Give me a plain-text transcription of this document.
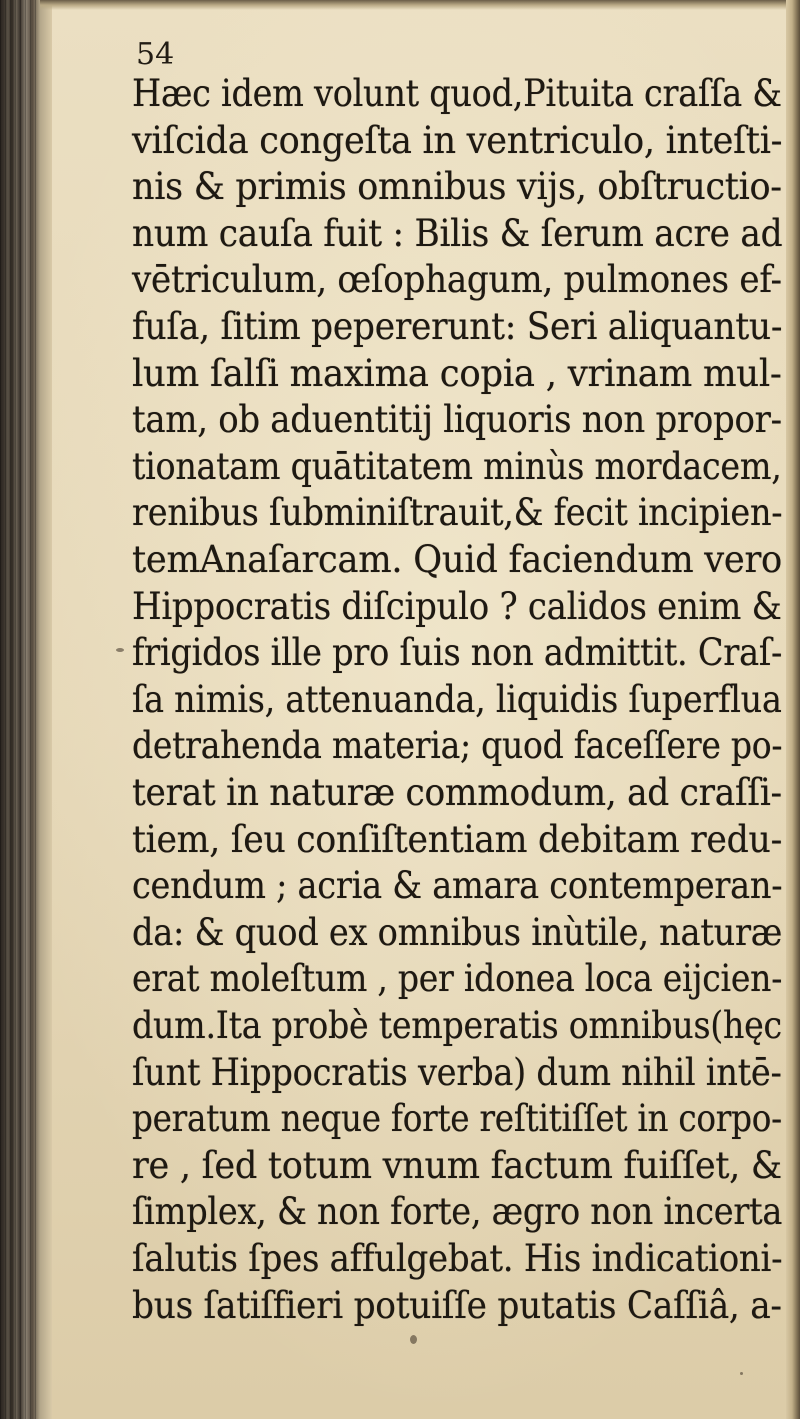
54
Hæc idem volunt quod,Pituita craſſa &
viſcida congeſta in ventriculo, inteſti-
nis & primis omnibus vijs, obſtructio-
num cauſa fuit : Bilis & ſerum acre ad
vētriculum, œſophagum, pulmones ef-
fuſa, ſitim pepererunt: Seri aliquantu-
lum ſalſi maxima copia , vrinam mul-
tam, ob aduentitij liquoris non propor-
tionatam quātitatem minùs mordacem,
renibus ſubminiſtrauit,& fecit incipien-
temAnaſarcam. Quid faciendum vero
Hippocratis diſcipulo ? calidos enim &
frigidos ille pro ſuis non admittit. Craſ-
ſa nimis, attenuanda, liquidis ſuperflua
detrahenda materia; quod faceſſere po-
terat in naturæ commodum, ad craſſi-
tiem, ſeu conſiſtentiam debitam redu-
cendum ; acria & amara contemperan-
da: & quod ex omnibus inùtile, naturæ
erat moleſtum , per idonea loca eijcien-
dum.Ita probè temperatis omnibus(hęc
ſunt Hippocratis verba) dum nihil intē-
peratum neque forte reſtitiſſet in corpo-
re , ſed totum vnum factum fuiſſet, &
ſimplex, & non forte, ægro non incerta
ſalutis ſpes affulgebat. His indicationi-
bus ſatiſfieri potuiſſe putatis Caſſiâ, a-
